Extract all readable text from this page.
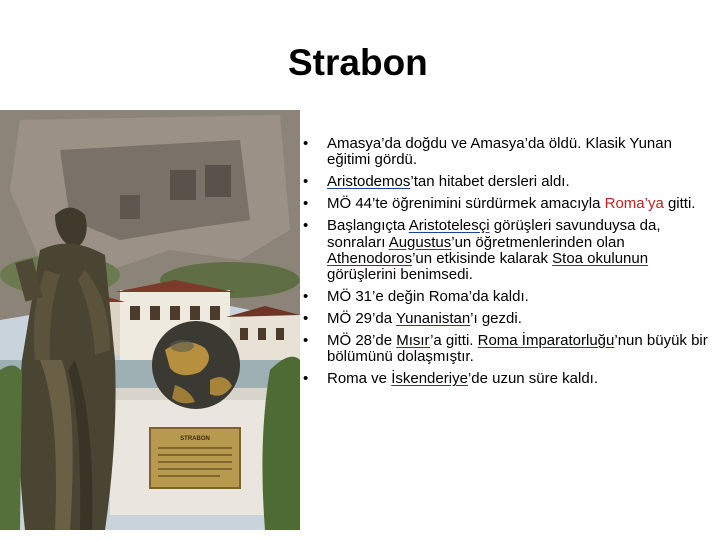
Strabon
STRABON
• Amasya’da doğdu ve Amasya’da öldü. Klasik Yunan eğitimi gördü.
• Aristodemos’tan hitabet dersleri aldı.
• MÖ 44’te öğrenimini sürdürmek amacıyla Roma’ya gitti.
• Başlangıçta Aristotelesçi görüşleri savunduysa da, sonraları Augustus’un öğretmenlerinden olan Athenodoros’un etkisinde kalarak Stoa okulunun görüşlerini benimsedi.
• MÖ 31’e değin Roma’da kaldı.
• MÖ 29’da Yunanistan’ı gezdi.
• MÖ 28’de Mısır’a gitti. Roma İmparatorluğu’nun büyük bir bölümünü dolaşmıştır.
• Roma ve İskenderiye’de uzun süre kaldı.
